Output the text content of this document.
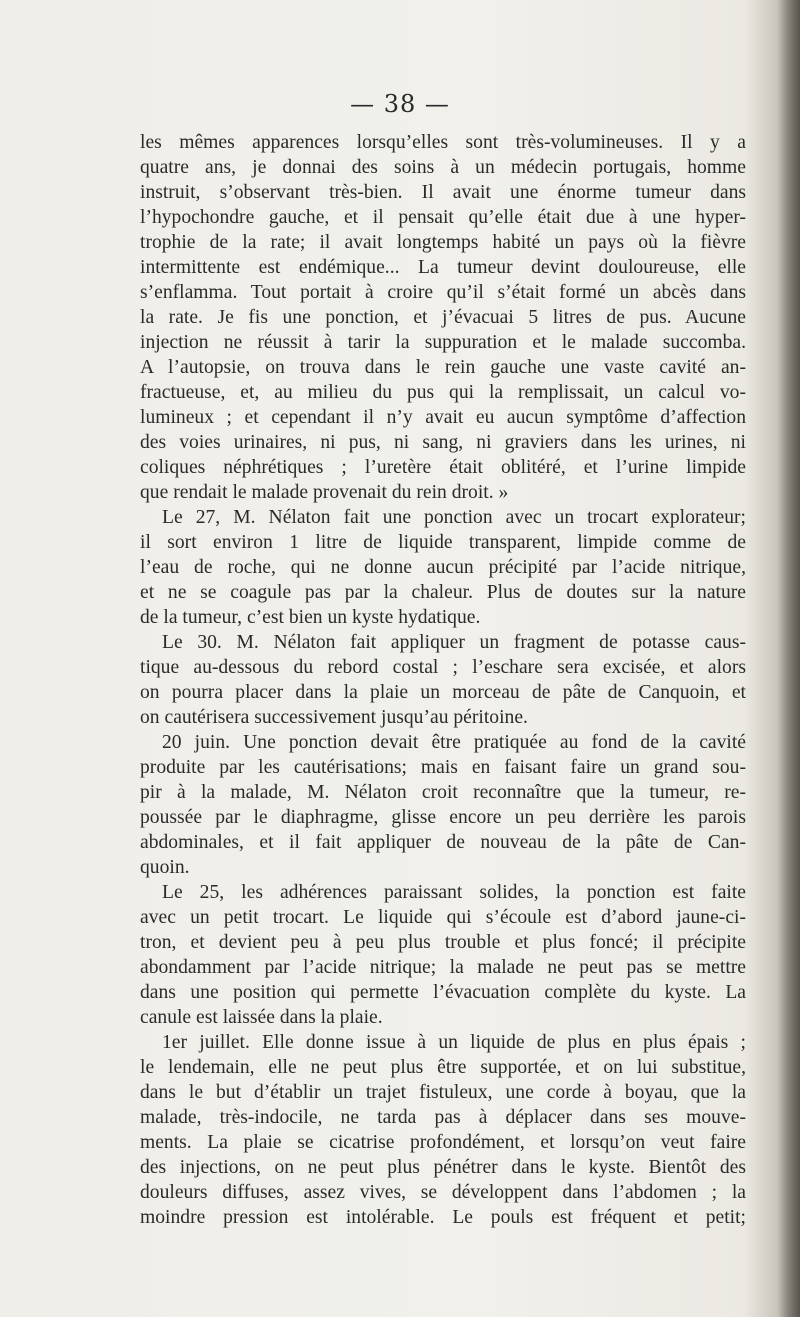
— 38 —
les mêmes apparences lorsqu’elles sont très-volumineuses. Il y a
quatre ans, je donnai des soins à un médecin portugais, homme
instruit, s’observant très-bien. Il avait une énorme tumeur dans
l’hypochondre gauche, et il pensait qu’elle était due à une hyper-
trophie de la rate; il avait longtemps habité un pays où la fièvre
intermittente est endémique... La tumeur devint douloureuse, elle
s’enflamma. Tout portait à croire qu’il s’était formé un abcès dans
la rate. Je fis une ponction, et j’évacuai 5 litres de pus. Aucune
injection ne réussit à tarir la suppuration et le malade succomba.
A l’autopsie, on trouva dans le rein gauche une vaste cavité an-
fractueuse, et, au milieu du pus qui la remplissait, un calcul vo-
lumineux ; et cependant il n’y avait eu aucun symptôme d’affection
des voies urinaires, ni pus, ni sang, ni graviers dans les urines, ni
coliques néphrétiques ; l’uretère était oblitéré, et l’urine limpide
que rendait le malade provenait du rein droit. »
Le 27, M. Nélaton fait une ponction avec un trocart explorateur;
il sort environ 1 litre de liquide transparent, limpide comme de
l’eau de roche, qui ne donne aucun précipité par l’acide nitrique,
et ne se coagule pas par la chaleur. Plus de doutes sur la nature
de la tumeur, c’est bien un kyste hydatique.
Le 30. M. Nélaton fait appliquer un fragment de potasse caus-
tique au-dessous du rebord costal ; l’eschare sera excisée, et alors
on pourra placer dans la plaie un morceau de pâte de Canquoin, et
on cautérisera successivement jusqu’au péritoine.
20 juin. Une ponction devait être pratiquée au fond de la cavité
produite par les cautérisations; mais en faisant faire un grand sou-
pir à la malade, M. Nélaton croit reconnaître que la tumeur, re-
poussée par le diaphragme, glisse encore un peu derrière les parois
abdominales, et il fait appliquer de nouveau de la pâte de Can-
quoin.
Le 25, les adhérences paraissant solides, la ponction est faite
avec un petit trocart. Le liquide qui s’écoule est d’abord jaune-ci-
tron, et devient peu à peu plus trouble et plus foncé; il précipite
abondamment par l’acide nitrique; la malade ne peut pas se mettre
dans une position qui permette l’évacuation complète du kyste. La
canule est laissée dans la plaie.
1er juillet. Elle donne issue à un liquide de plus en plus épais ;
le lendemain, elle ne peut plus être supportée, et on lui substitue,
dans le but d’établir un trajet fistuleux, une corde à boyau, que la
malade, très-indocile, ne tarda pas à déplacer dans ses mouve-
ments. La plaie se cicatrise profondément, et lorsqu’on veut faire
des injections, on ne peut plus pénétrer dans le kyste. Bientôt des
douleurs diffuses, assez vives, se développent dans l’abdomen ; la
moindre pression est intolérable. Le pouls est fréquent et petit;
